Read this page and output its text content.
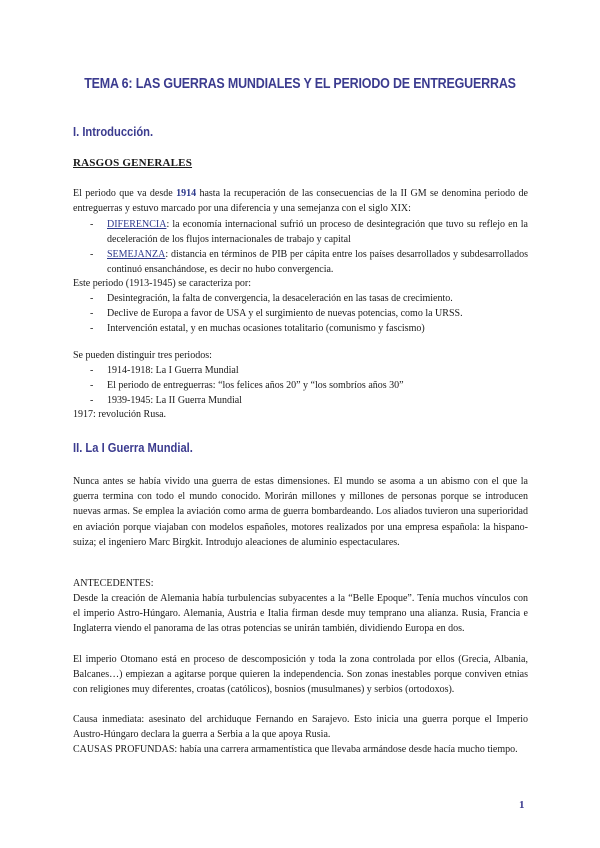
TEMA 6: LAS GUERRAS MUNDIALES Y EL PERIODO DE ENTREGUERRAS
I. Introducción.
RASGOS GENERALES
El periodo que va desde 1914 hasta la recuperación de las consecuencias de la II GM se denomina periodo de entreguerras y estuvo marcado por una diferencia y una semejanza con el siglo XIX:
- DIFERENCIA: la economía internacional sufrió un proceso de desintegración que tuvo su reflejo en la deceleración de los flujos internacionales de trabajo y capital
- SEMEJANZA: distancia en términos de PIB per cápita entre los países desarrollados y subdesarrollados continuó ensanchándose, es decir no hubo convergencia.
Este periodo (1913-1945) se caracteriza por:
- Desintegración, la falta de convergencia, la desaceleración en las tasas de crecimiento.
- Declive de Europa a favor de USA y el surgimiento de nuevas potencias, como la URSS.
- Intervención estatal, y en muchas ocasiones totalitario (comunismo y fascismo)
Se pueden distinguir tres periodos:
- 1914-1918: La I Guerra Mundial
- El periodo de entreguerras: “los felices años 20” y “los sombríos años 30”
- 1939-1945: La II Guerra Mundial
1917: revolución Rusa.
II. La I Guerra Mundial.
Nunca antes se había vivido una guerra de estas dimensiones. El mundo se asoma a un abismo con el que la guerra termina con todo el mundo conocido. Morirán millones y millones de personas porque se introducen nuevas armas. Se emplea la aviación como arma de guerra bombardeando. Los aliados tuvieron una superioridad en aviación porque viajaban con modelos españoles, motores realizados por una empresa española: la hispano-suiza; el ingeniero Marc Birgkit. Introdujo aleaciones de aluminio espectaculares.
ANTECEDENTES:
Desde la creación de Alemania había turbulencias subyacentes a la “Belle Epoque”. Tenía muchos vínculos con el imperio Astro-Húngaro. Alemania, Austria e Italia firman desde muy temprano una alianza. Rusia, Francia e Inglaterra viendo el panorama de las otras potencias se unirán también, dividiendo Europa en dos.
El imperio Otomano está en proceso de descomposición y toda la zona controlada por ellos (Grecia, Albania, Balcanes…) empiezan a agitarse porque quieren la independencia. Son zonas inestables porque conviven etnias con religiones muy diferentes, croatas (católicos), bosnios (musulmanes) y serbios (ortodoxos).
Causa inmediata: asesinato del archiduque Fernando en Sarajevo. Esto inicia una guerra porque el Imperio Austro-Húngaro declara la guerra a Serbia a la que apoya Rusia.
CAUSAS PROFUNDAS: había una carrera armamentística que llevaba armándose desde hacía mucho tiempo.
1
